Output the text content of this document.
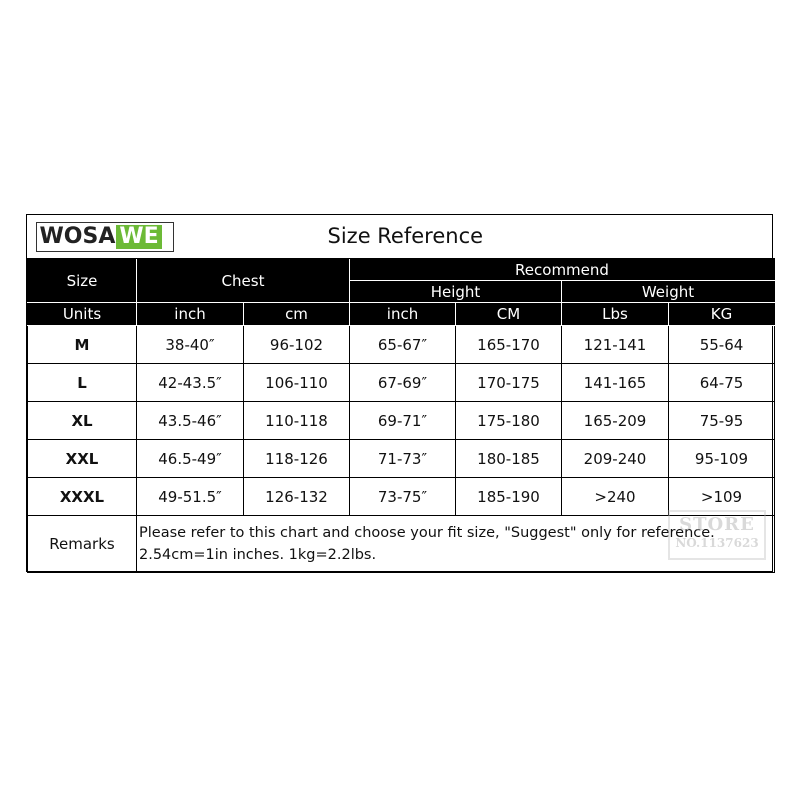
WOSA WE Size Reference						

Size	Chest		Recommend			
			Height		Weight	
Units	inch	cm	inch	CM	Lbs	KG
M	38-40″	96-102	65-67″	165-170	121-141	55-64
L	42-43.5″	106-110	67-69″	170-175	141-165	64-75
XL	43.5-46″	110-118	69-71″	175-180	165-209	75-95
XXL	46.5-49″	118-126	71-73″	180-185	209-240	95-109
XXXL	49-51.5″	126-132	73-75″	185-190	>240	>109
Remarks	Please refer to this chart and choose your fit size, "Suggest" only for reference.
2.54cm=1in inches. 1kg=2.2lbs.					
STORE
NO.1137623
